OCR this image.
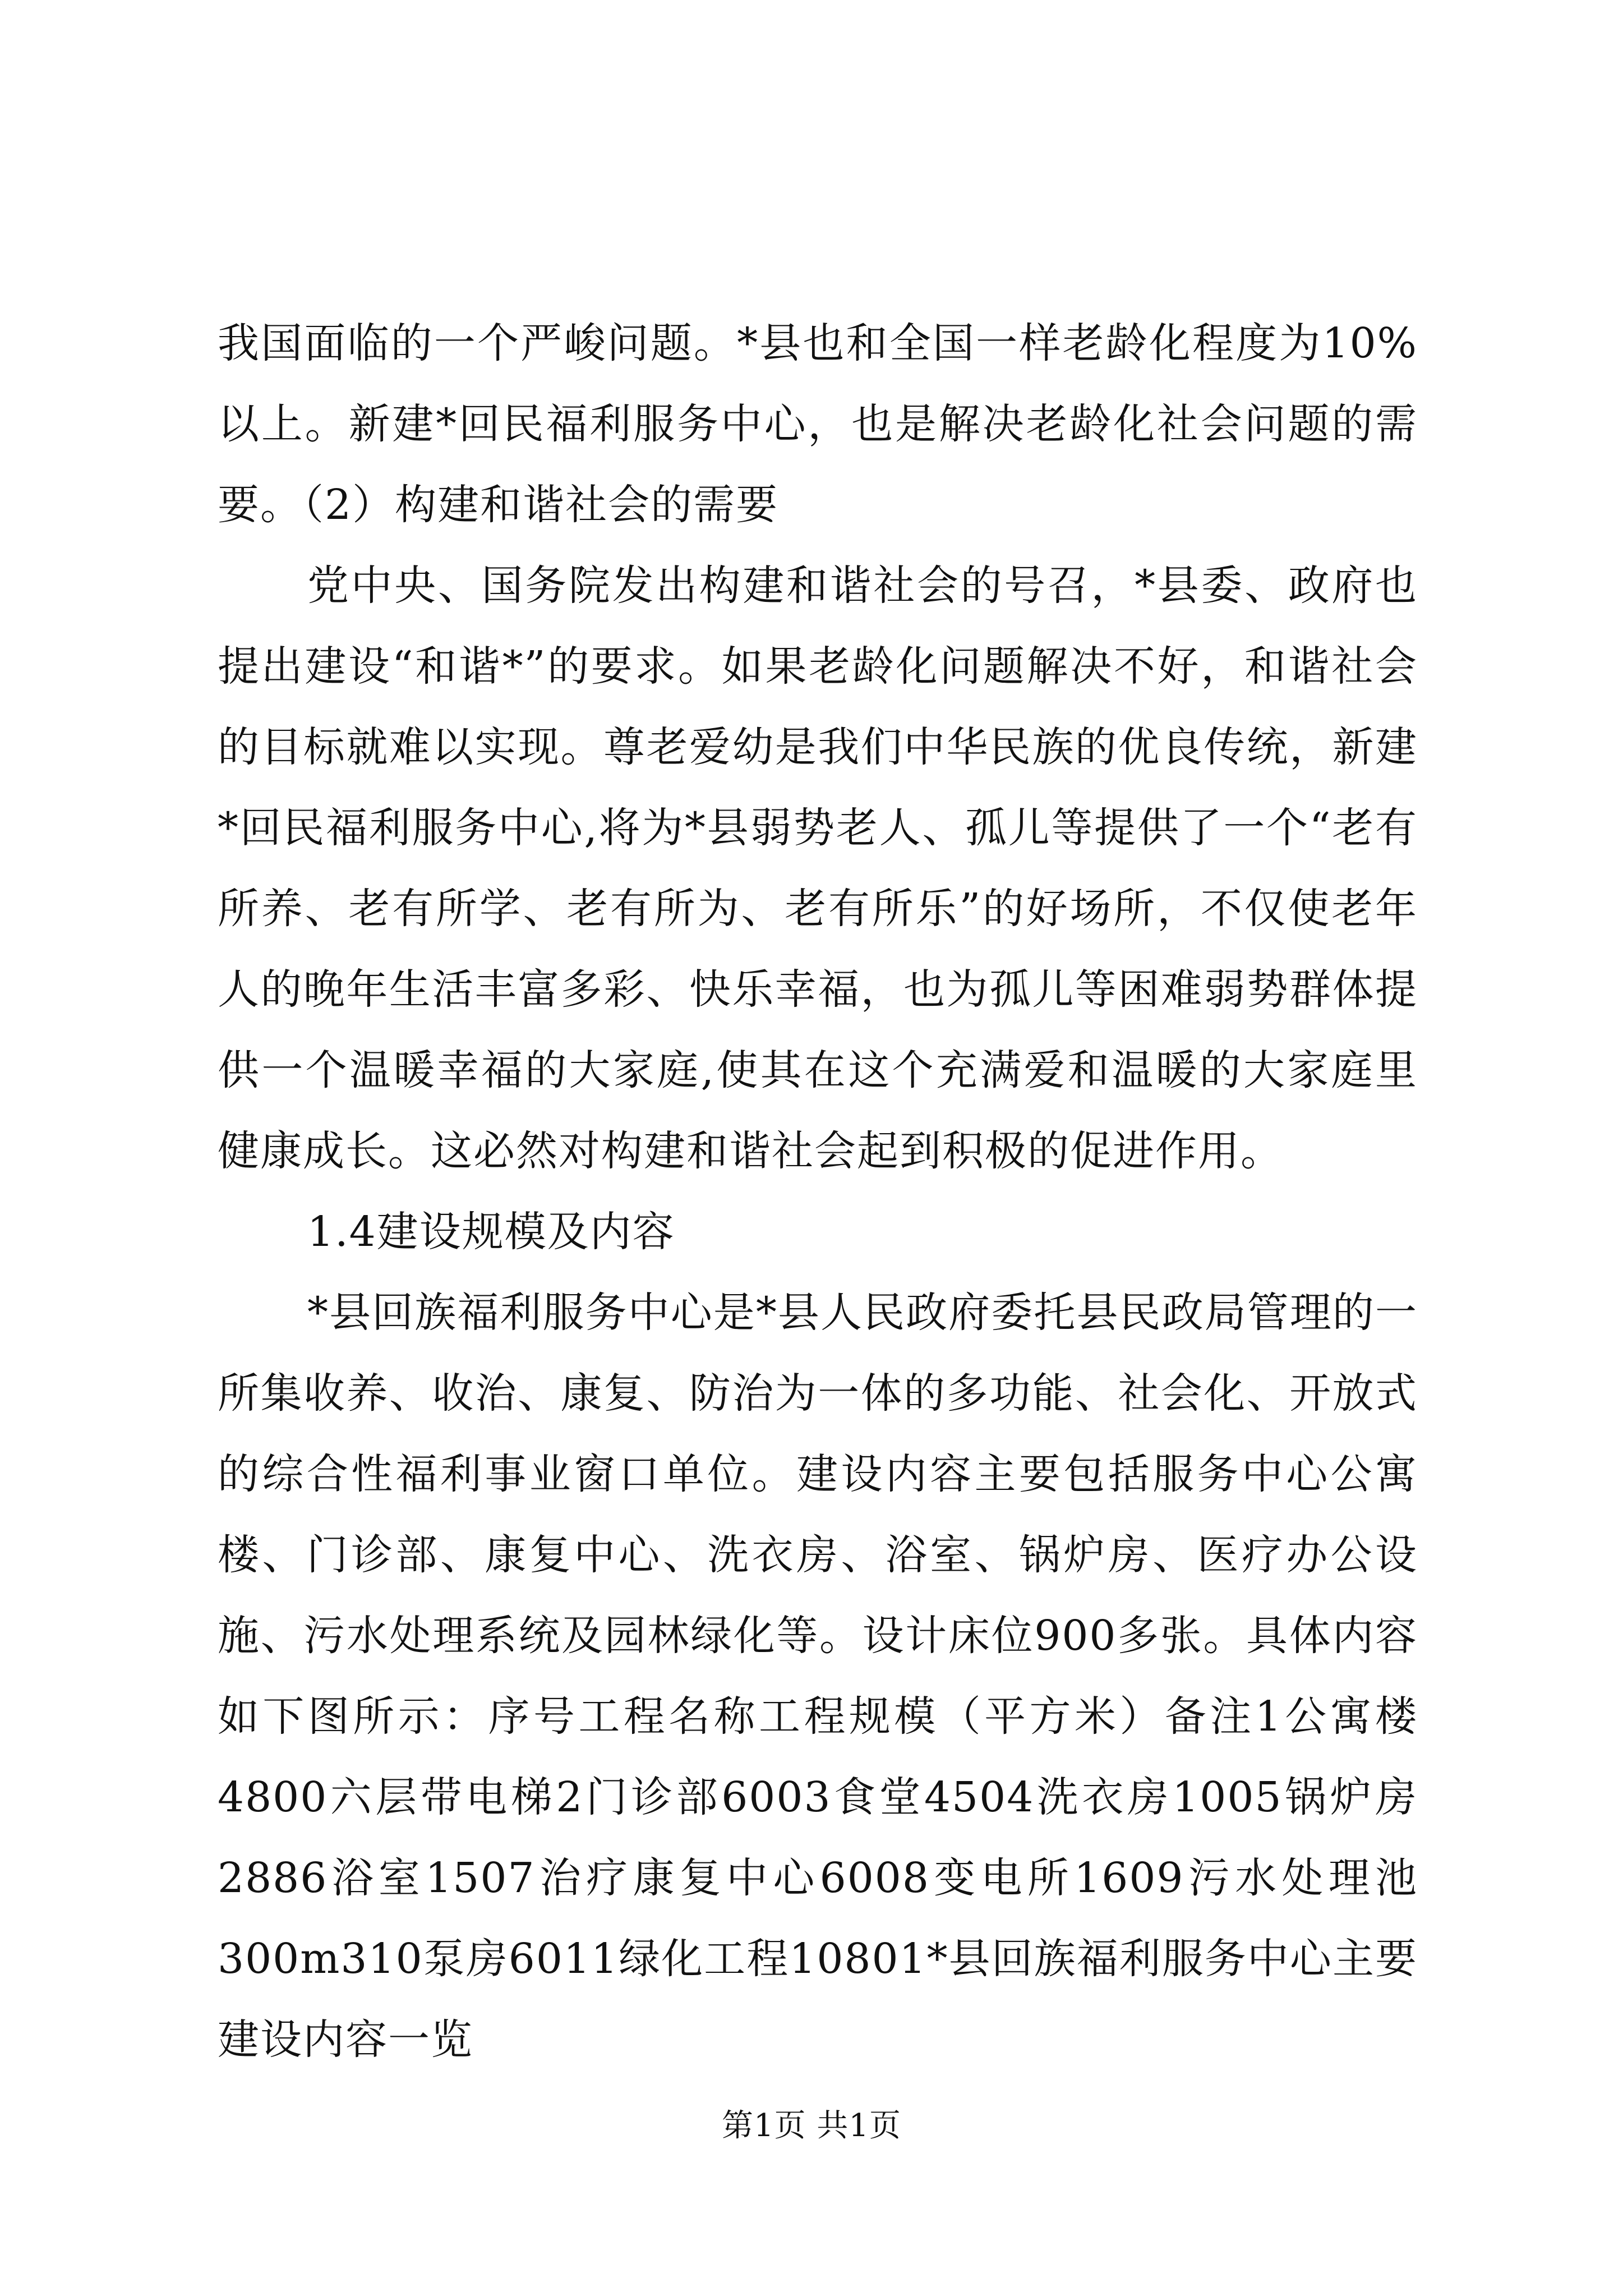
我国面临的一个严峻问题。*县也和全国一样老龄化程度为10%以上。新建*回民福利服务中心，也是解决老龄化社会问题的需要。（2）构建和谐社会的需要

党中央、国务院发出构建和谐社会的号召，*县委、政府也提出建设“和谐*”的要求。如果老龄化问题解决不好，和谐社会的目标就难以实现。尊老爱幼是我们中华民族的优良传统，新建*回民福利服务中心,将为*县弱势老人、孤儿等提供了一个“老有所养、老有所学、老有所为、老有所乐”的好场所，不仅使老年人的晚年生活丰富多彩、快乐幸福，也为孤儿等困难弱势群体提供一个温暖幸福的大家庭,使其在这个充满爱和温暖的大家庭里健康成长。这必然对构建和谐社会起到积极的促进作用。

1.4建设规模及内容

*县回族福利服务中心是*县人民政府委托县民政局管理的一所集收养、收治、康复、防治为一体的多功能、社会化、开放式的综合性福利事业窗口单位。建设内容主要包括服务中心公寓楼、门诊部、康复中心、洗衣房、浴室、锅炉房、医疗办公设施、污水处理系统及园林绿化等。设计床位900多张。具体内容如下图所示：序号工程名称工程规模（平方米）备注1公寓楼4800六层带电梯2门诊部6003食堂4504洗衣房1005锅炉房2886浴室1507治疗康复中心6008变电所1609污水处理池300m310泵房6011绿化工程10801*县回族福利服务中心主要建设内容一览

第1页 共1页
